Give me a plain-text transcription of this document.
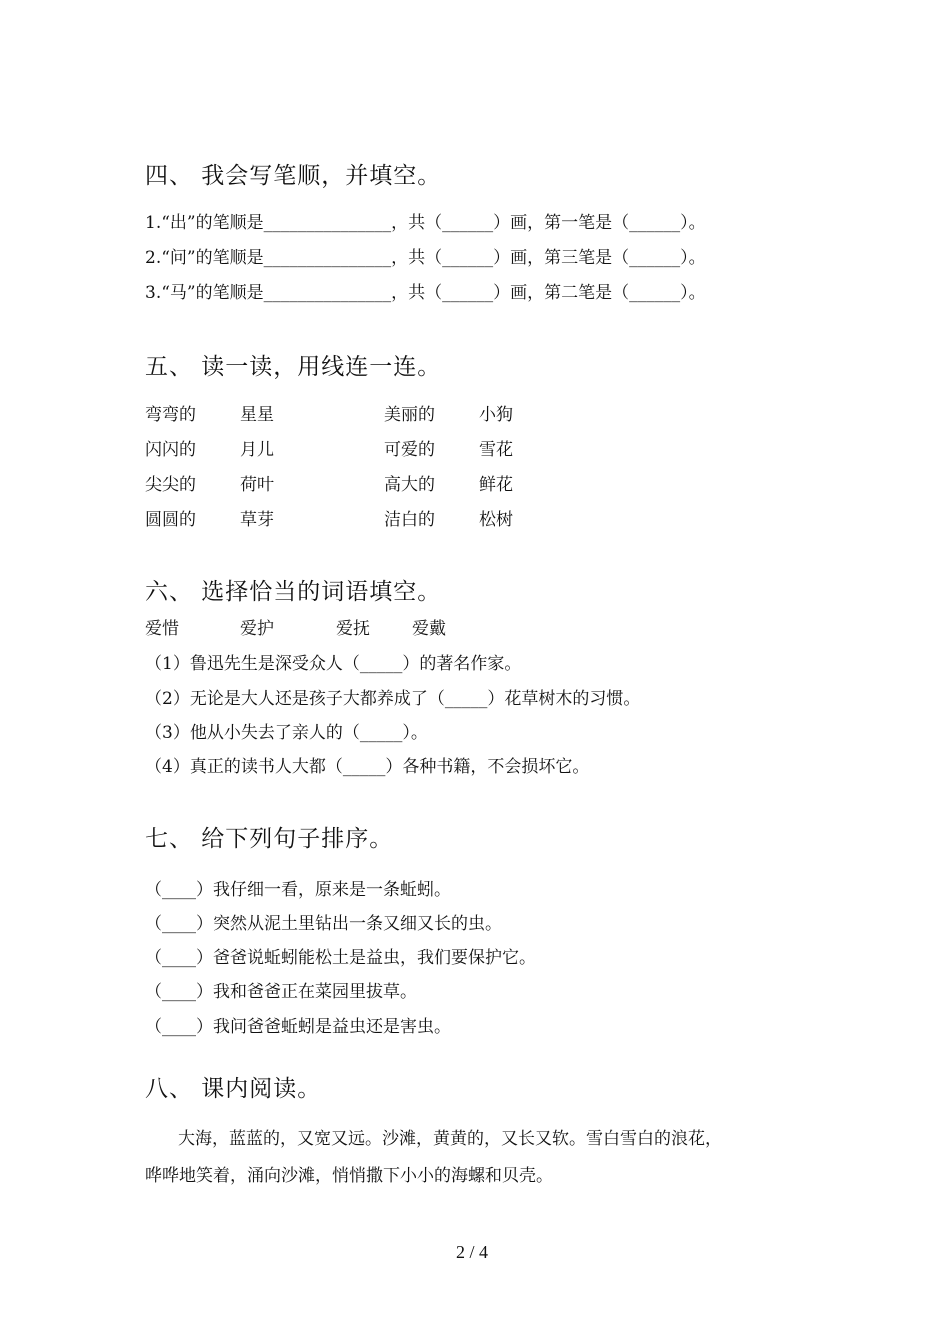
四、 我会写笔顺，并填空。
1.“出”的笔顺是_______________，共（______）画，第一笔是（______）。
2.“问”的笔顺是_______________，共（______）画，第三笔是（______）。
3.“马”的笔顺是_______________，共（______）画，第二笔是（______）。
五、 读一读，用线连一连。
弯弯的	星星	美丽的	小狗
闪闪的	月儿	可爱的	雪花
尖尖的	荷叶	高大的	鲜花
圆圆的	草芽	洁白的	松树
六、 选择恰当的词语填空。
爱惜	爱护	爱抚 爱戴
（1）鲁迅先生是深受众人（_____）的著名作家。
（2）无论是大人还是孩子大都养成了（_____）花草树木的习惯。
（3）他从小失去了亲人的（_____）。
（4）真正的读书人大都（_____）各种书籍，不会损坏它。
七、 给下列句子排序。
（____）我仔细一看，原来是一条蚯蚓。
（____）突然从泥土里钻出一条又细又长的虫。
（____）爸爸说蚯蚓能松土是益虫，我们要保护它。
（____）我和爸爸正在菜园里拔草。
（____）我问爸爸蚯蚓是益虫还是害虫。
八、 课内阅读。
大海，蓝蓝的，又宽又远。沙滩，黄黄的，又长又软。雪白雪白的浪花，
哗哗地笑着，涌向沙滩，悄悄撒下小小的海螺和贝壳。
2 / 4
